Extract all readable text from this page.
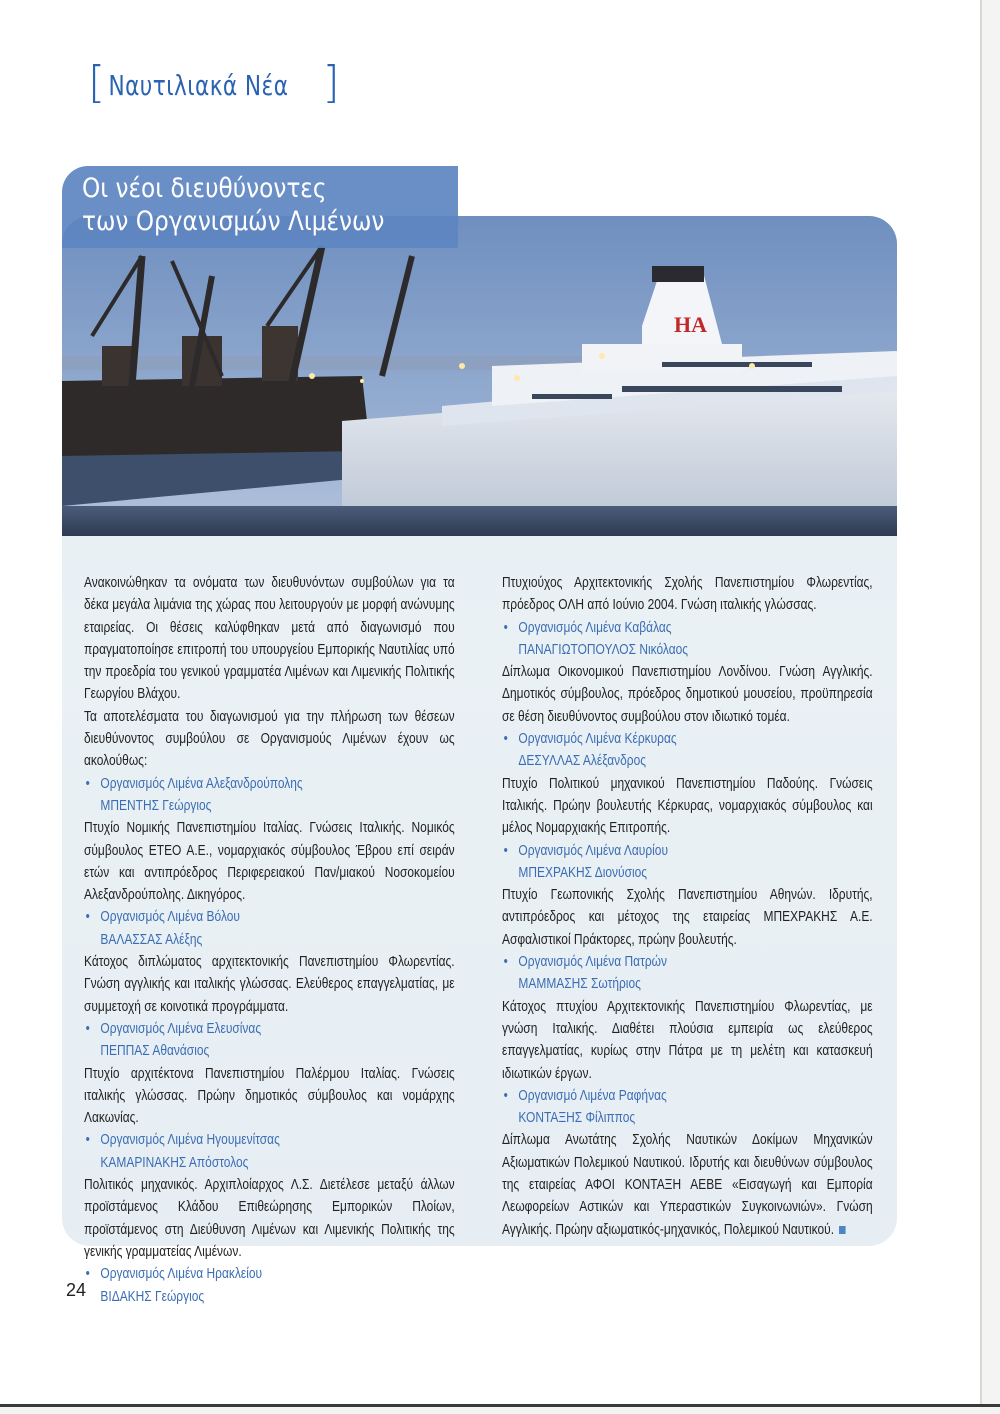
[ Ναυτιλιακά Νέα ]
HA
Οι νέοι διευθύνοντες
των Οργανισμών Λιμένων

Ανακοινώθηκαν τα ονόματα των διευθυνόντων συμβούλων για τα δέκα μεγάλα λιμάνια της χώρας που λειτουργούν με μορφή ανώνυμης εταιρείας. Οι θέσεις καλύφθηκαν μετά από διαγωνισμό που πραγματοποίησε επιτροπή του υπουργείου Εμπορικής Ναυτιλίας υπό την προεδρία του γενικού γραμματέα Λιμένων και Λιμενικής Πολιτικής Γεωργίου Βλάχου.

Τα αποτελέσματα του διαγωνισμού για την πλήρωση των θέσεων διευθύνοντος συμβούλου σε Οργανισμούς Λιμένων έχουν ως ακολούθως:

• Οργανισμός Λιμένα Αλεξανδρούπολης

ΜΠΕΝΤΗΣ Γεώργιος

Πτυχίο Νομικής Πανεπιστημίου Ιταλίας. Γνώσεις Ιταλικής. Νομικός σύμβουλος ΕΤΕΟ Α.Ε., νομαρχιακός σύμβουλος Έβρου επί σειράν ετών και αντιπρόεδρος Περιφερειακού Παν/μιακού Νοσοκομείου Αλεξανδρούπολης. Δικηγόρος.

• Οργανισμός Λιμένα Βόλου

ΒΑΛΑΣΣΑΣ Αλέξης

Κάτοχος διπλώματος αρχιτεκτονικής Πανεπιστημίου Φλωρεντίας. Γνώση αγγλικής και ιταλικής γλώσσας. Ελεύθερος επαγγελματίας, με συμμετοχή σε κοινοτικά προγράμματα.

• Οργανισμός Λιμένα Ελευσίνας

ΠΕΠΠΑΣ Αθανάσιος

Πτυχίο αρχιτέκτονα Πανεπιστημίου Παλέρμου Ιταλίας. Γνώσεις ιταλικής γλώσσας. Πρώην δημοτικός σύμβουλος και νομάρχης Λακωνίας.

• Οργανισμός Λιμένα Ηγουμενίτσας

ΚΑΜΑΡΙΝΑΚΗΣ Απόστολος

Πολιτικός μηχανικός. Αρχιπλοίαρχος Λ.Σ. Διετέλεσε μεταξύ άλλων προϊστάμενος Κλάδου Επιθεώρησης Εμπορικών Πλοίων, προϊστάμενος στη Διεύθυνση Λιμένων και Λιμενικής Πολιτικής της γενικής γραμματείας Λιμένων.

• Οργανισμός Λιμένα Ηρακλείου

ΒΙΔΑΚΗΣ Γεώργιος

Πτυχιούχος Αρχιτεκτονικής Σχολής Πανεπιστημίου Φλωρεντίας, πρόεδρος ΟΛΗ από Ιούνιο 2004. Γνώση ιταλικής γλώσσας.

• Οργανισμός Λιμένα Καβάλας

ΠΑΝΑΓΙΩΤΟΠΟΥΛΟΣ Νικόλαος

Δίπλωμα Οικονομικού Πανεπιστημίου Λονδίνου. Γνώση Αγγλικής. Δημοτικός σύμβουλος, πρόεδρος δημοτικού μουσείου, προϋπηρεσία σε θέση διευθύνοντος συμβούλου στον ιδιωτικό τομέα.

• Οργανισμός Λιμένα Κέρκυρας

ΔΕΣΥΛΛΑΣ Αλέξανδρος

Πτυχίο Πολιτικού μηχανικού Πανεπιστημίου Παδούης. Γνώσεις Ιταλικής. Πρώην βουλευτής Κέρκυρας, νομαρχιακός σύμβουλος και μέλος Νομαρχιακής Επιτροπής.

• Οργανισμός Λιμένα Λαυρίου

ΜΠΕΧΡΑΚΗΣ Διονύσιος

Πτυχίο Γεωπονικής Σχολής Πανεπιστημίου Αθηνών. Ιδρυτής, αντιπρόεδρος και μέτοχος της εταιρείας ΜΠΕΧΡΑΚΗΣ Α.Ε. Ασφαλιστικοί Πράκτορες, πρώην βουλευτής.

• Οργανισμός Λιμένα Πατρών

ΜΑΜΜΑΣΗΣ Σωτήριος

Κάτοχος πτυχίου Αρχιτεκτονικής Πανεπιστημίου Φλωρεντίας, με γνώση Ιταλικής. Διαθέτει πλούσια εμπειρία ως ελεύθερος επαγγελματίας, κυρίως στην Πάτρα με τη μελέτη και κατασκευή ιδιωτικών έργων.

• Οργανισμό Λιμένα Ραφήνας

ΚΟΝΤΑΞΗΣ Φίλιππος

Δίπλωμα Ανωτάτης Σχολής Ναυτικών Δοκίμων Μηχανικών Αξιωματικών Πολεμικού Ναυτικού. Ιδρυτής και διευθύνων σύμβουλος της εταιρείας ΑΦΟΙ ΚΟΝΤΑΞΗ ΑΕΒΕ «Εισαγωγή και Εμπορία Λεωφορείων Αστικών και Υπεραστικών Συγκοινωνιών». Γνώση Αγγλικής. Πρώην αξιωματικός-μηχανικός, Πολεμικού Ναυτικού.

24
